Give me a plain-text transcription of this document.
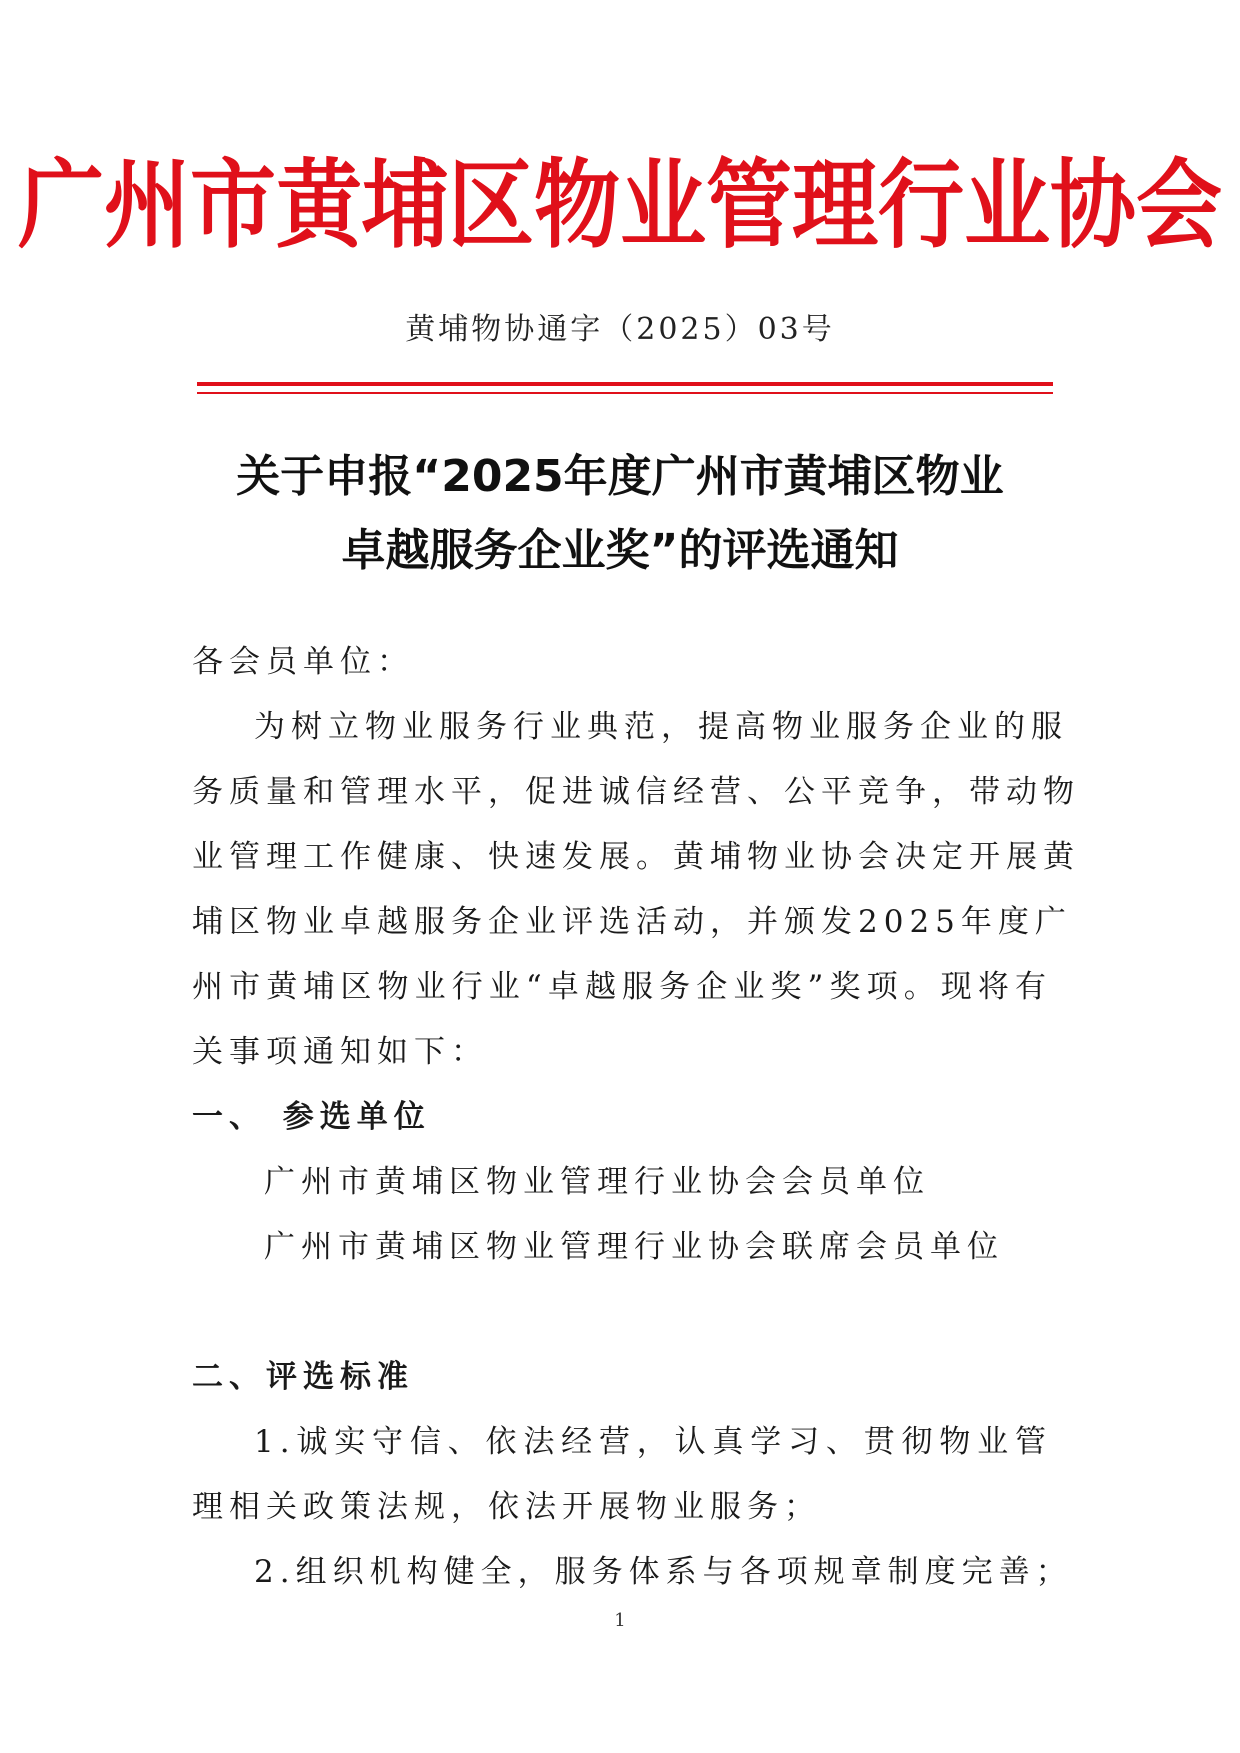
广州市黄埔区物业管理行业协会
黄埔物协通字（2025）03号
关于申报“2025年度广州市黄埔区物业
卓越服务企业奖”的评选通知
各会员单位：
为树立物业服务行业典范，提高物业服务企业的服
务质量和管理水平，促进诚信经营、公平竞争，带动物
业管理工作健康、快速发展。黄埔物业协会决定开展黄
埔区物业卓越服务企业评选活动，并颁发2025年度广
州市黄埔区物业行业“卓越服务企业奖”奖项。现将有
关事项通知如下：
一、 参选单位
广州市黄埔区物业管理行业协会会员单位
广州市黄埔区物业管理行业协会联席会员单位
二、评选标准
1.诚实守信、依法经营，认真学习、贯彻物业管
理相关政策法规，依法开展物业服务；
2.组织机构健全，服务体系与各项规章制度完善；
1
